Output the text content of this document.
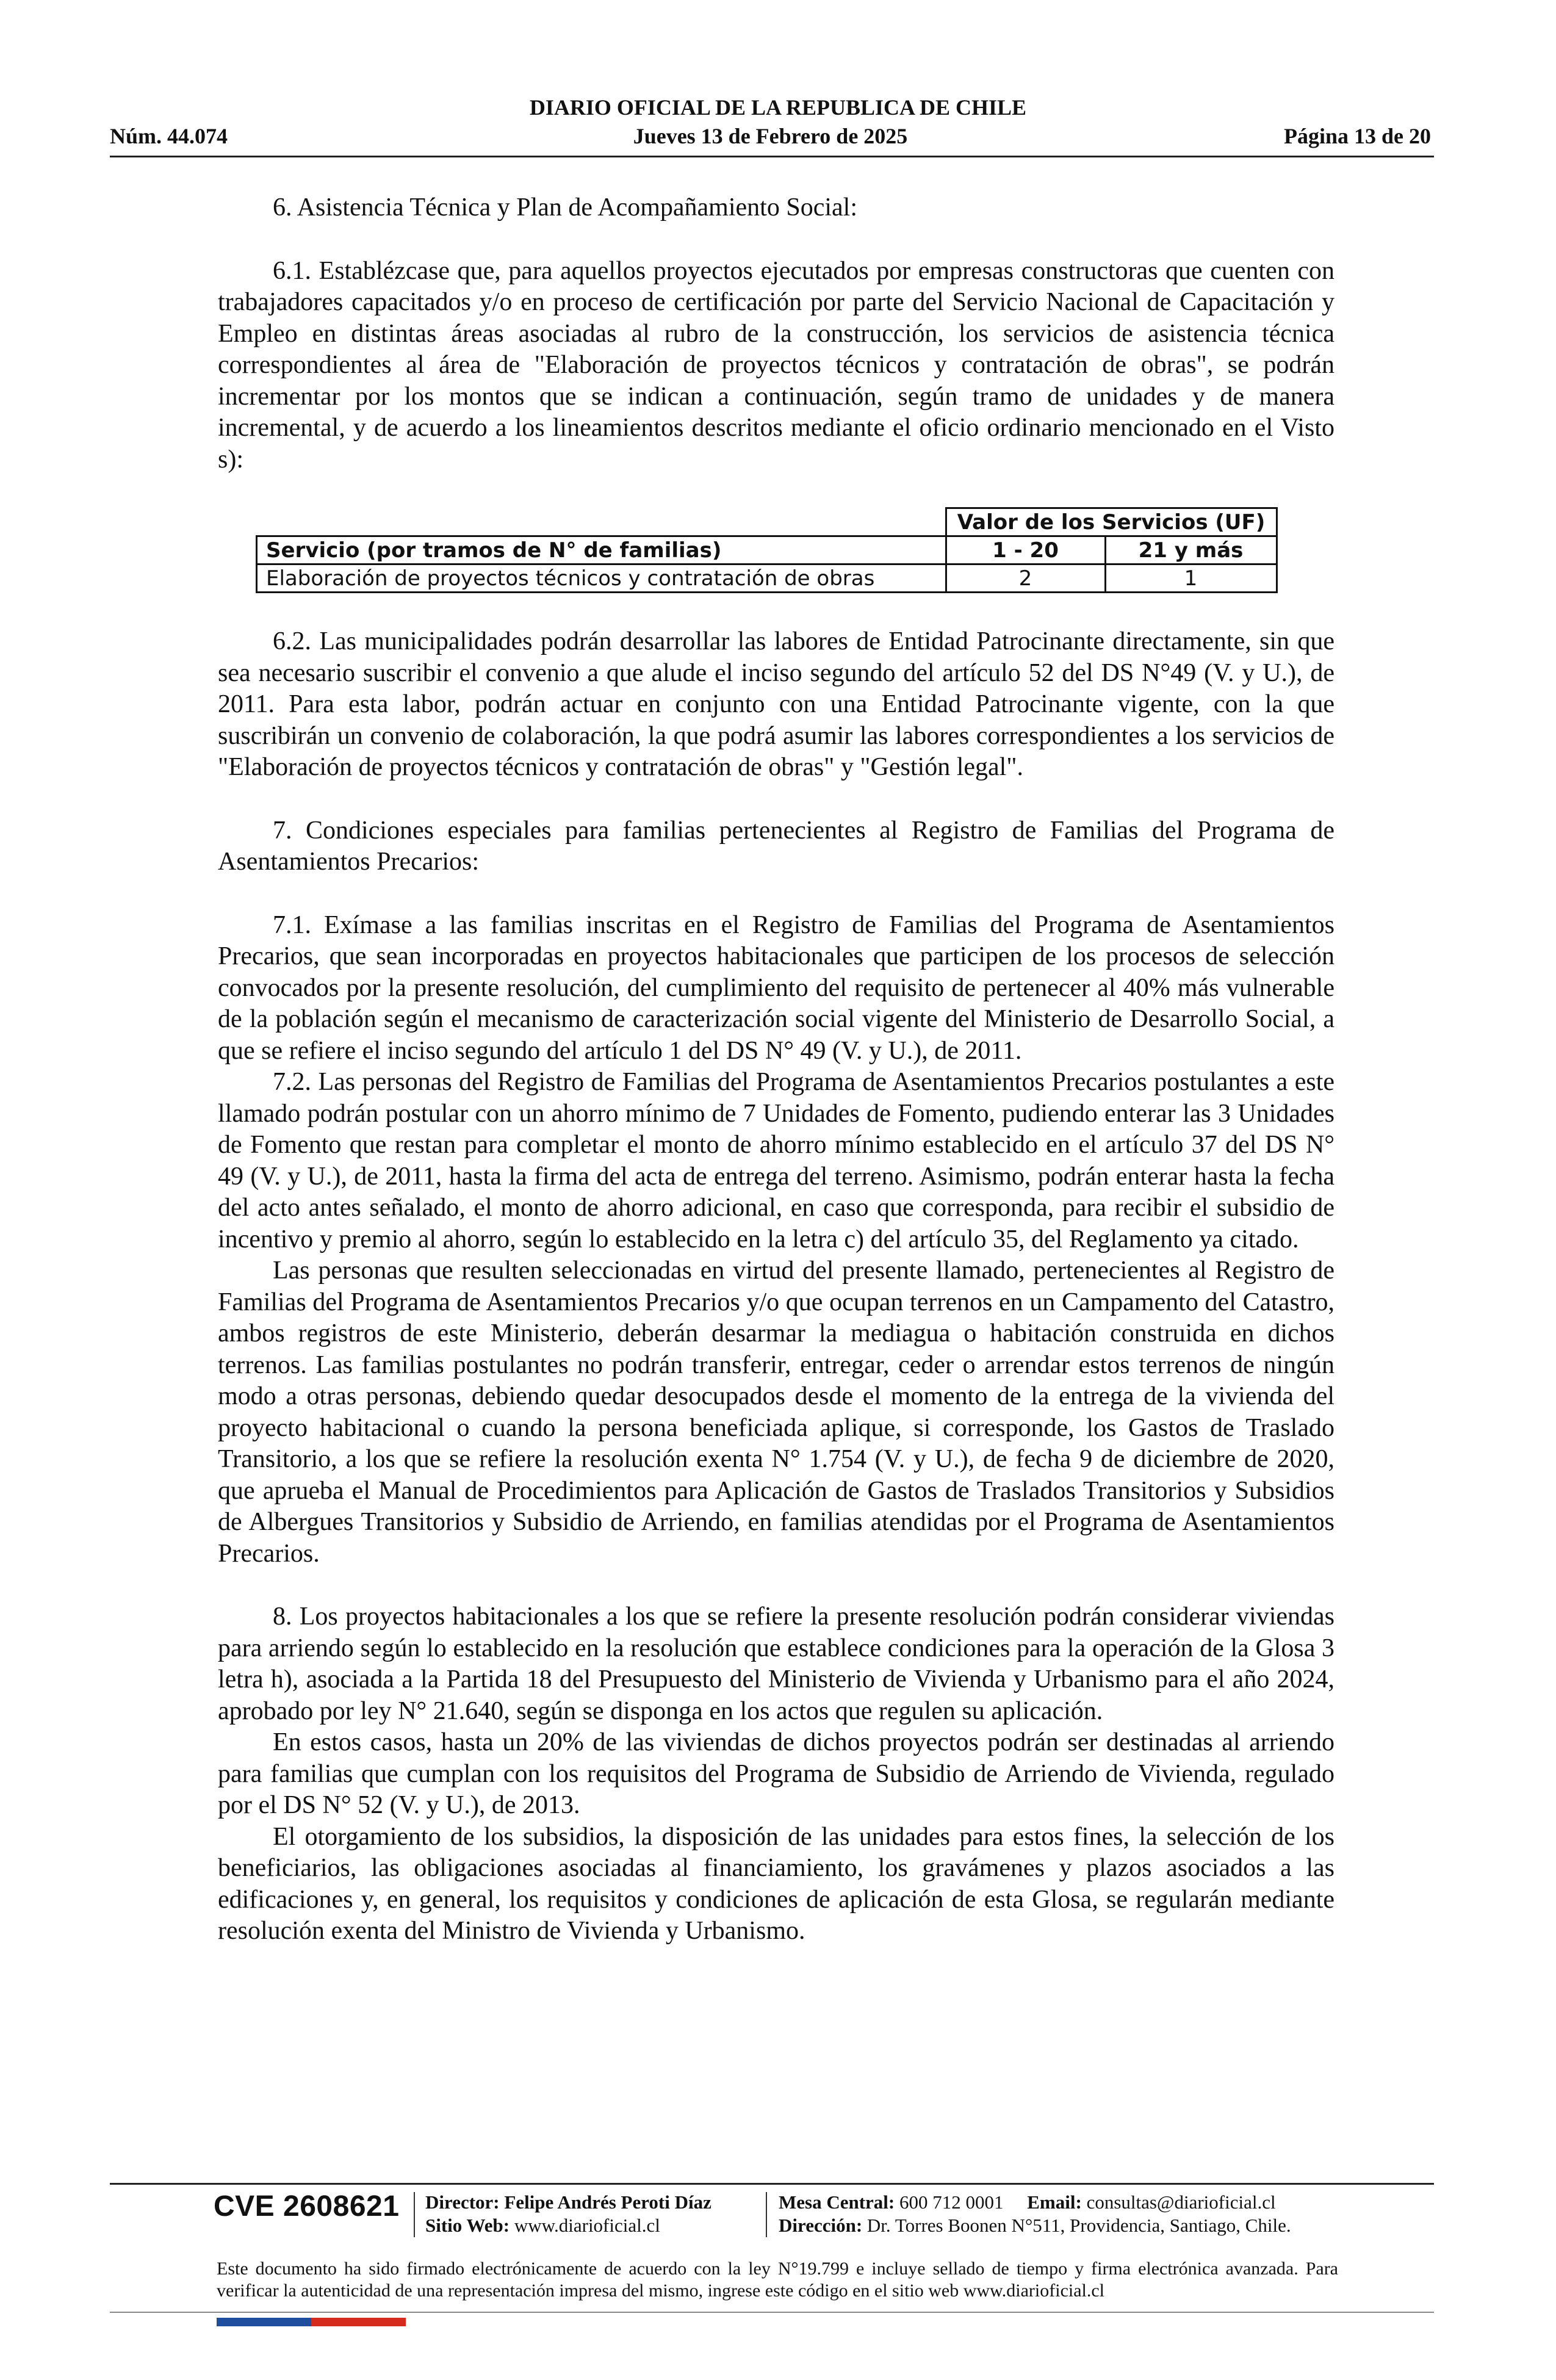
DIARIO OFICIAL DE LA REPUBLICA DE CHILE
Núm. 44.074	Jueves 13 de Febrero de 2025	Página 13 de 20

6. Asistencia Técnica y Plan de Acompañamiento Social:

6.1. Establézcase que, para aquellos proyectos ejecutados por empresas constructoras que cuenten con trabajadores capacitados y/o en proceso de certificación por parte del Servicio Nacional de Capacitación y Empleo en distintas áreas asociadas al rubro de la construcción, los servicios de asistencia técnica correspondientes al área de "Elaboración de proyectos técnicos y contratación de obras", se podrán incrementar por los montos que se indican a continuación, según tramo de unidades y de manera incremental, y de acuerdo a los lineamientos descritos mediante el oficio ordinario mencionado en el Visto s):

	Valor de los Servicios (UF)	
Servicio (por tramos de N° de familias)	1 - 20	21 y más
Elaboración de proyectos técnicos y contratación de obras	2	1

6.2. Las municipalidades podrán desarrollar las labores de Entidad Patrocinante directamente, sin que sea necesario suscribir el convenio a que alude el inciso segundo del artículo 52 del DS N°49 (V. y U.), de 2011. Para esta labor, podrán actuar en conjunto con una Entidad Patrocinante vigente, con la que suscribirán un convenio de colaboración, la que podrá asumir las labores correspondientes a los servicios de "Elaboración de proyectos técnicos y contratación de obras" y "Gestión legal".

7. Condiciones especiales para familias pertenecientes al Registro de Familias del Programa de Asentamientos Precarios:

7.1. Exímase a las familias inscritas en el Registro de Familias del Programa de Asentamientos Precarios, que sean incorporadas en proyectos habitacionales que participen de los procesos de selección convocados por la presente resolución, del cumplimiento del requisito de pertenecer al 40% más vulnerable de la población según el mecanismo de caracterización social vigente del Ministerio de Desarrollo Social, a que se refiere el inciso segundo del artículo 1 del DS N° 49 (V. y U.), de 2011.

7.2. Las personas del Registro de Familias del Programa de Asentamientos Precarios postulantes a este llamado podrán postular con un ahorro mínimo de 7 Unidades de Fomento, pudiendo enterar las 3 Unidades de Fomento que restan para completar el monto de ahorro mínimo establecido en el artículo 37 del DS N° 49 (V. y U.), de 2011, hasta la firma del acta de entrega del terreno. Asimismo, podrán enterar hasta la fecha del acto antes señalado, el monto de ahorro adicional, en caso que corresponda, para recibir el subsidio de incentivo y premio al ahorro, según lo establecido en la letra c) del artículo 35, del Reglamento ya citado.

Las personas que resulten seleccionadas en virtud del presente llamado, pertenecientes al Registro de Familias del Programa de Asentamientos Precarios y/o que ocupan terrenos en un Campamento del Catastro, ambos registros de este Ministerio, deberán desarmar la mediagua o habitación construida en dichos terrenos. Las familias postulantes no podrán transferir, entregar, ceder o arrendar estos terrenos de ningún modo a otras personas, debiendo quedar desocupados desde el momento de la entrega de la vivienda del proyecto habitacional o cuando la persona beneficiada aplique, si corresponde, los Gastos de Traslado Transitorio, a los que se refiere la resolución exenta N° 1.754 (V. y U.), de fecha 9 de diciembre de 2020, que aprueba el Manual de Procedimientos para Aplicación de Gastos de Traslados Transitorios y Subsidios de Albergues Transitorios y Subsidio de Arriendo, en familias atendidas por el Programa de Asentamientos Precarios.

8. Los proyectos habitacionales a los que se refiere la presente resolución podrán considerar viviendas para arriendo según lo establecido en la resolución que establece condiciones para la operación de la Glosa 3 letra h), asociada a la Partida 18 del Presupuesto del Ministerio de Vivienda y Urbanismo para el año 2024, aprobado por ley N° 21.640, según se disponga en los actos que regulen su aplicación.

En estos casos, hasta un 20% de las viviendas de dichos proyectos podrán ser destinadas al arriendo para familias que cumplan con los requisitos del Programa de Subsidio de Arriendo de Vivienda, regulado por el DS N° 52 (V. y U.), de 2013.

El otorgamiento de los subsidios, la disposición de las unidades para estos fines, la selección de los beneficiarios, las obligaciones asociadas al financiamiento, los gravámenes y plazos asociados a las edificaciones y, en general, los requisitos y condiciones de aplicación de esta Glosa, se regularán mediante resolución exenta del Ministro de Vivienda y Urbanismo.

CVE 2608621 Director: Felipe Andrés Peroti Díaz
Sitio Web: www.diarioficial.cl
Mesa Central: 600 712 0001 Email: consultas@diarioficial.cl
Dirección: Dr. Torres Boonen N°511, Providencia, Santiago, Chile.
Este documento ha sido firmado electrónicamente de acuerdo con la ley N°19.799 e incluye sellado de tiempo y firma electrónica avanzada. Para verificar la autenticidad de una representación impresa del mismo, ingrese este código en el sitio web www.diarioficial.cl
